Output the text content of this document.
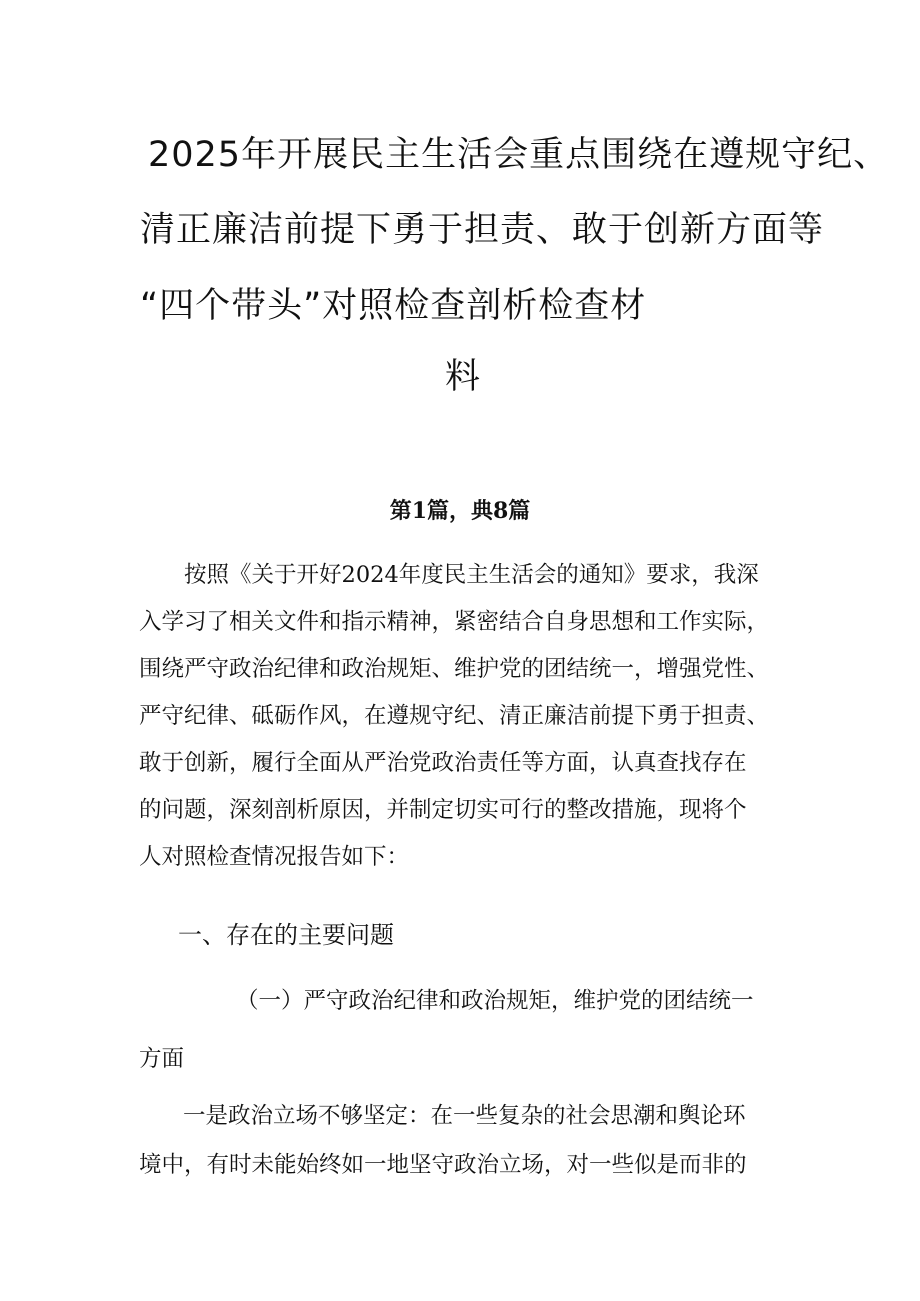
2025年开展民主生活会重点围绕在遵规守纪、
清正廉洁前提下勇于担责、敢于创新方面等
“四个带头”对照检查剖析检查材
料
第1篇，典8篇
按照《关于开好2024年度民主生活会的通知》要求，我深
入学习了相关文件和指示精神，紧密结合自身思想和工作实际，
围绕严守政治纪律和政治规矩、维护党的团结统一，增强党性、
严守纪律、砥砺作风，在遵规守纪、清正廉洁前提下勇于担责、
敢于创新，履行全面从严治党政治责任等方面，认真查找存在
的问题，深刻剖析原因，并制定切实可行的整改措施，现将个
人对照检查情况报告如下：
一、存在的主要问题
（一）严守政治纪律和政治规矩，维护党的团结统一
方面
一是政治立场不够坚定：在一些复杂的社会思潮和舆论环
境中，有时未能始终如一地坚守政治立场，对一些似是而非的
